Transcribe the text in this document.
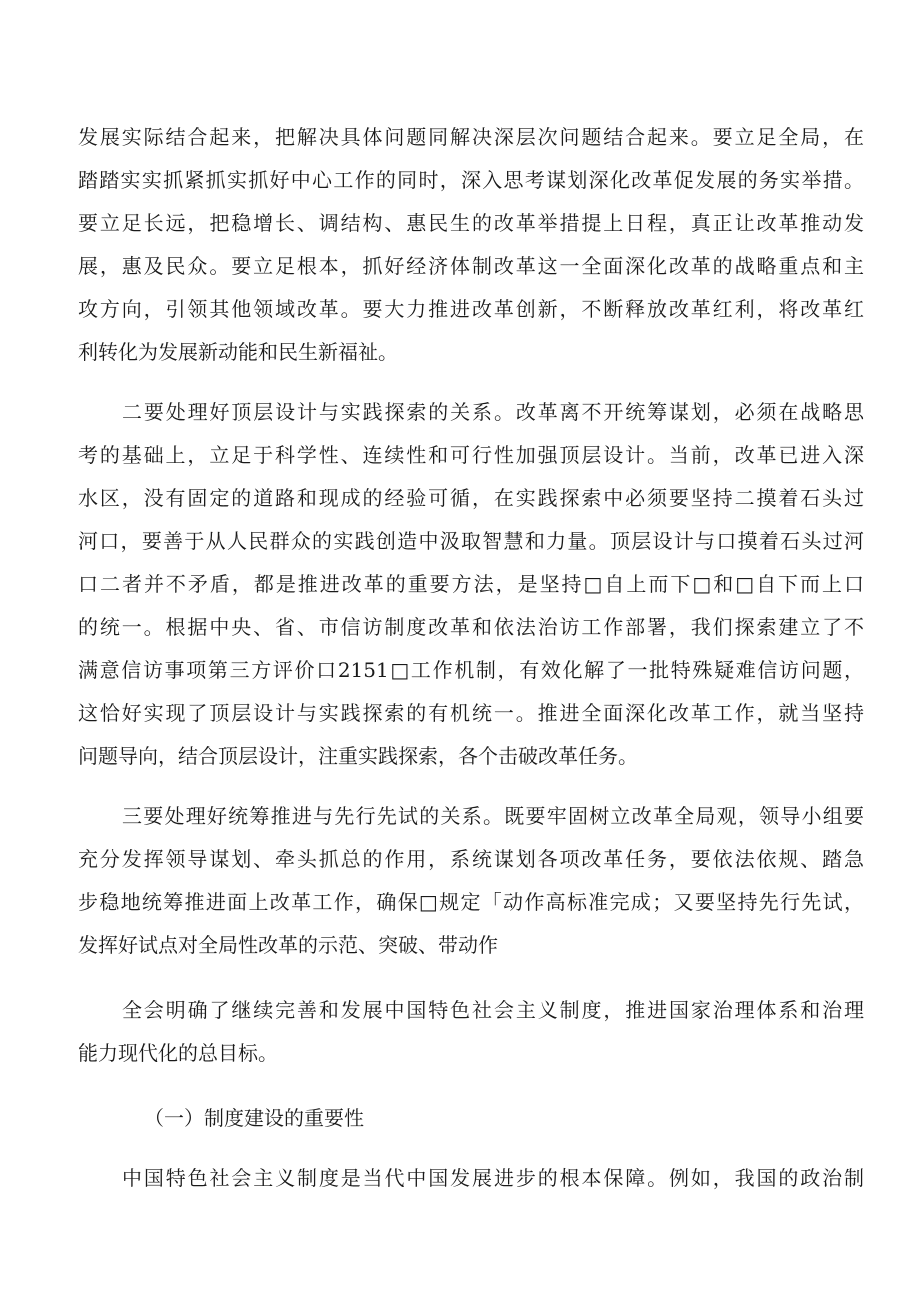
发展实际结合起来，把解决具体问题同解决深层次问题结合起来。要立足全局，在
踏踏实实抓紧抓实抓好中心工作的同时，深入思考谋划深化改革促发展的务实举措。
要立足长远，把稳增长、调结构、惠民生的改革举措提上日程，真正让改革推动发
展，惠及民众。要立足根本，抓好经济体制改革这一全面深化改革的战略重点和主
攻方向，引领其他领域改革。要大力推进改革创新，不断释放改革红利，将改革红
利转化为发展新动能和民生新福祉。
二要处理好顶层设计与实践探索的关系。改革离不开统筹谋划，必须在战略思
考的基础上，立足于科学性、连续性和可行性加强顶层设计。当前，改革已进入深
水区，没有固定的道路和现成的经验可循，在实践探索中必须要坚持二摸着石头过
河口，要善于从人民群众的实践创造中汲取智慧和力量。顶层设计与口摸着石头过河
口二者并不矛盾，都是推进改革的重要方法，是坚持□自上而下□和□自下而上口
的统一。根据中央、省、市信访制度改革和依法治访工作部署，我们探索建立了不
满意信访事项第三方评价口2151□工作机制，有效化解了一批特殊疑难信访问题，
这恰好实现了顶层设计与实践探索的有机统一。推进全面深化改革工作，就当坚持
问题导向，结合顶层设计，注重实践探索，各个击破改革任务。
三要处理好统筹推进与先行先试的关系。既要牢固树立改革全局观，领导小组要
充分发挥领导谋划、牵头抓总的作用，系统谋划各项改革任务，要依法依规、踏急
步稳地统筹推进面上改革工作，确保□规定「动作高标准完成；又要坚持先行先试，
发挥好试点对全局性改革的示范、突破、带动作
全会明确了继续完善和发展中国特色社会主义制度，推进国家治理体系和治理
能力现代化的总目标。
（一）制度建设的重要性
中国特色社会主义制度是当代中国发展进步的根本保障。例如，我国的政治制
